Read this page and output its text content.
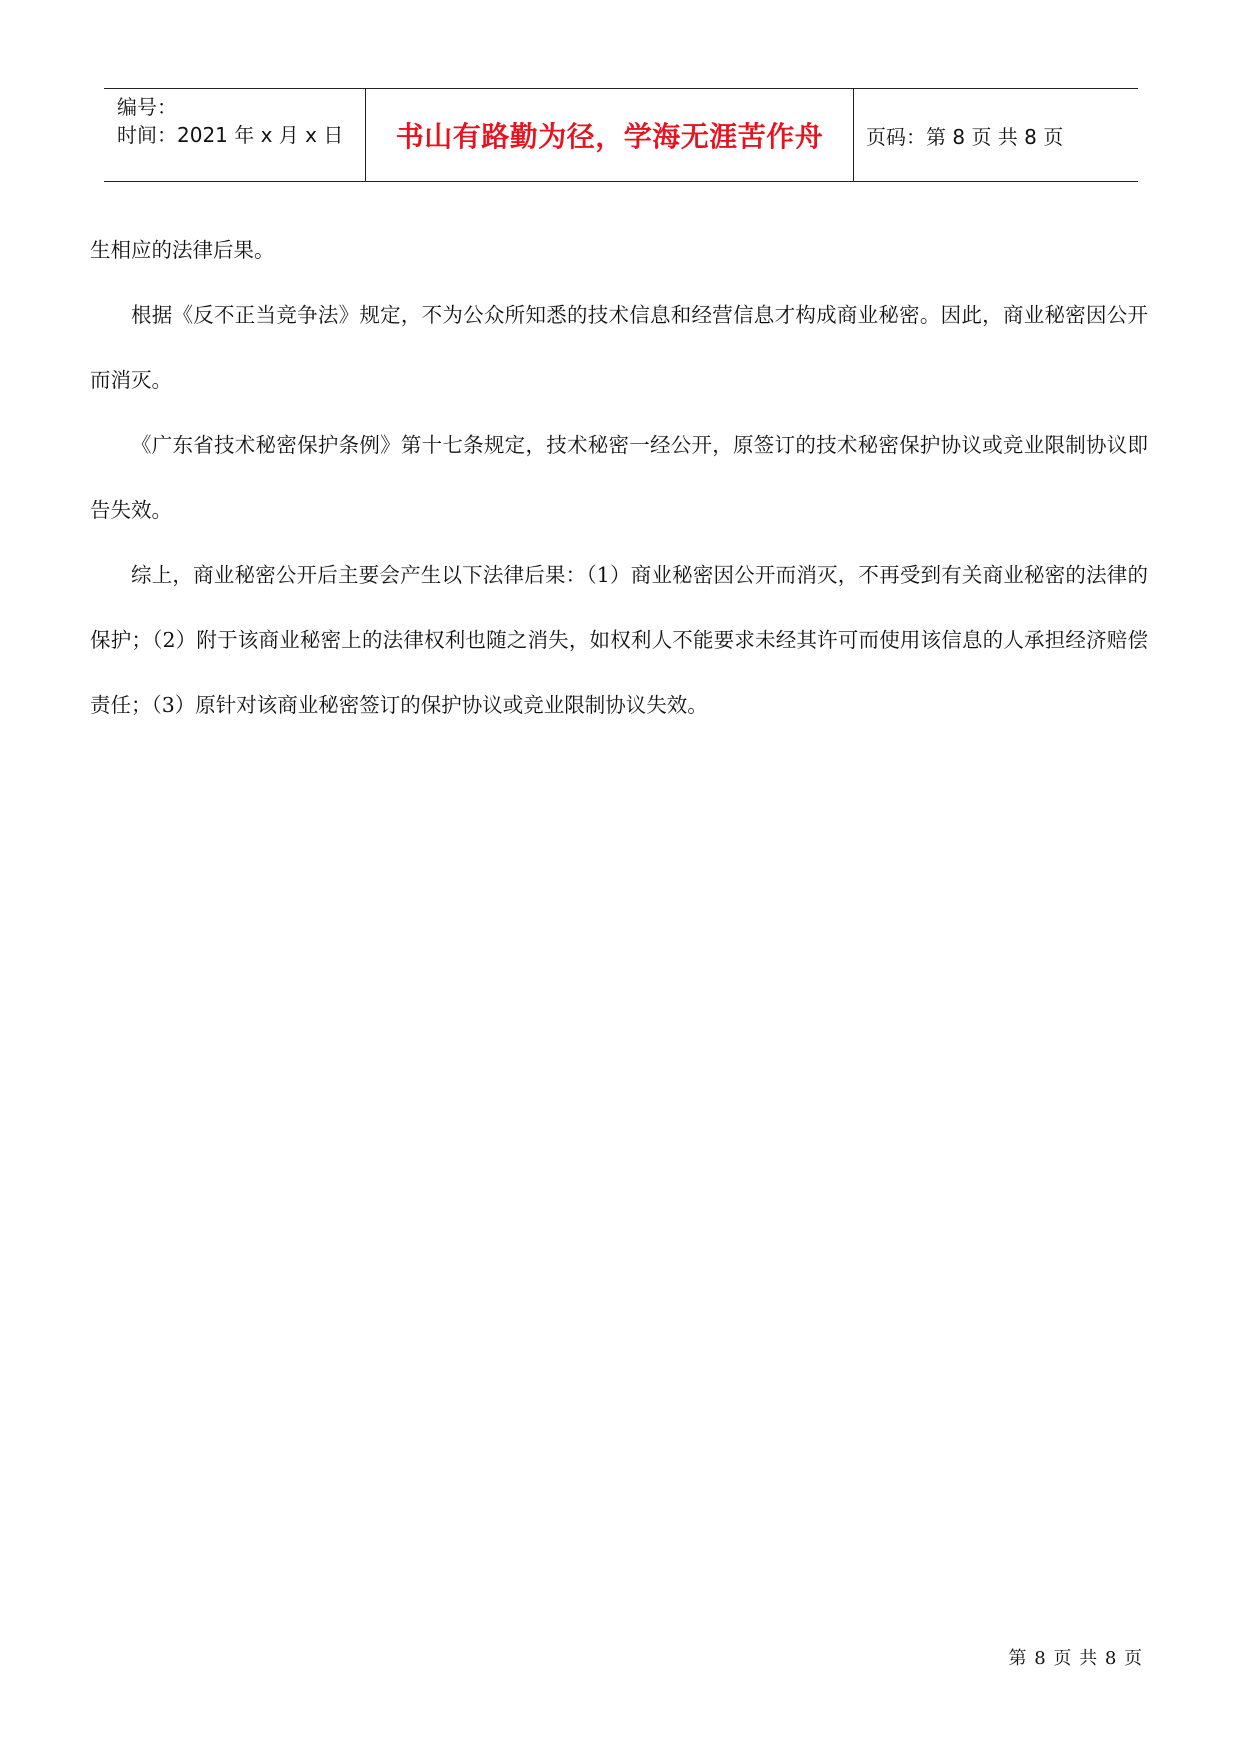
编号：
时间：2021 年 x 月 x 日	书山有路勤为径，学海无涯苦作舟	页码：第 8 页 共 8 页

生相应的法律后果。

根据《反不正当竞争法》规定，不为公众所知悉的技术信息和经营信息才构成商业秘密。因此，商业秘密因公开而消灭。

《广东省技术秘密保护条例》第十七条规定，技术秘密一经公开，原签订的技术秘密保护协议或竞业限制协议即告失效。

综上，商业秘密公开后主要会产生以下法律后果：（1）商业秘密因公开而消灭，不再受到有关商业秘密的法律的保护；（2）附于该商业秘密上的法律权利也随之消失，如权利人不能要求未经其许可而使用该信息的人承担经济赔偿责任；（3）原针对该商业秘密签订的保护协议或竞业限制协议失效。

第 8 页 共 8 页
